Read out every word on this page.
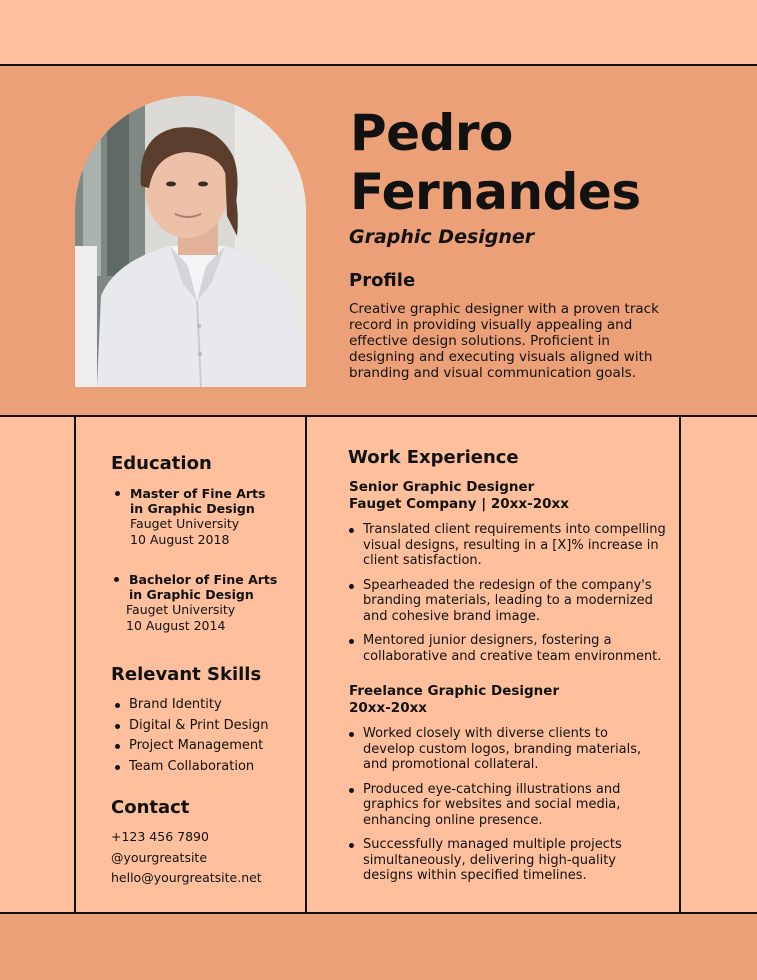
Pedro
Fernandes

Graphic Designer

Profile

Creative graphic designer with a proven track
record in providing visually appealing and
effective design solutions. Proficient in
designing and executing visuals aligned with
branding and visual communication goals.

Education

Master of Fine Arts

in Graphic Design

Fauget University

10 August 2018

Bachelor of Fine Arts

in Graphic Design

Fauget University

10 August 2014

Relevant Skills
Brand Identity
Digital & Print Design
Project Management
Team Collaboration
Contact
+123 456 7890
@yourgreatsite
hello@yourgreatsite.net
Work Experience

Senior Graphic Designer
Fauget Company | 20xx-20xx

Translated client requirements into compelling
visual designs, resulting in a [X]% increase in
client satisfaction.
Spearheaded the redesign of the company's
branding materials, leading to a modernized
and cohesive brand image.
Mentored junior designers, fostering a
collaborative and creative team environment.

Freelance Graphic Designer
20xx-20xx

Worked closely with diverse clients to
develop custom logos, branding materials,
and promotional collateral.
Produced eye-catching illustrations and
graphics for websites and social media,
enhancing online presence.
Successfully managed multiple projects
simultaneously, delivering high-quality
designs within specified timelines.
